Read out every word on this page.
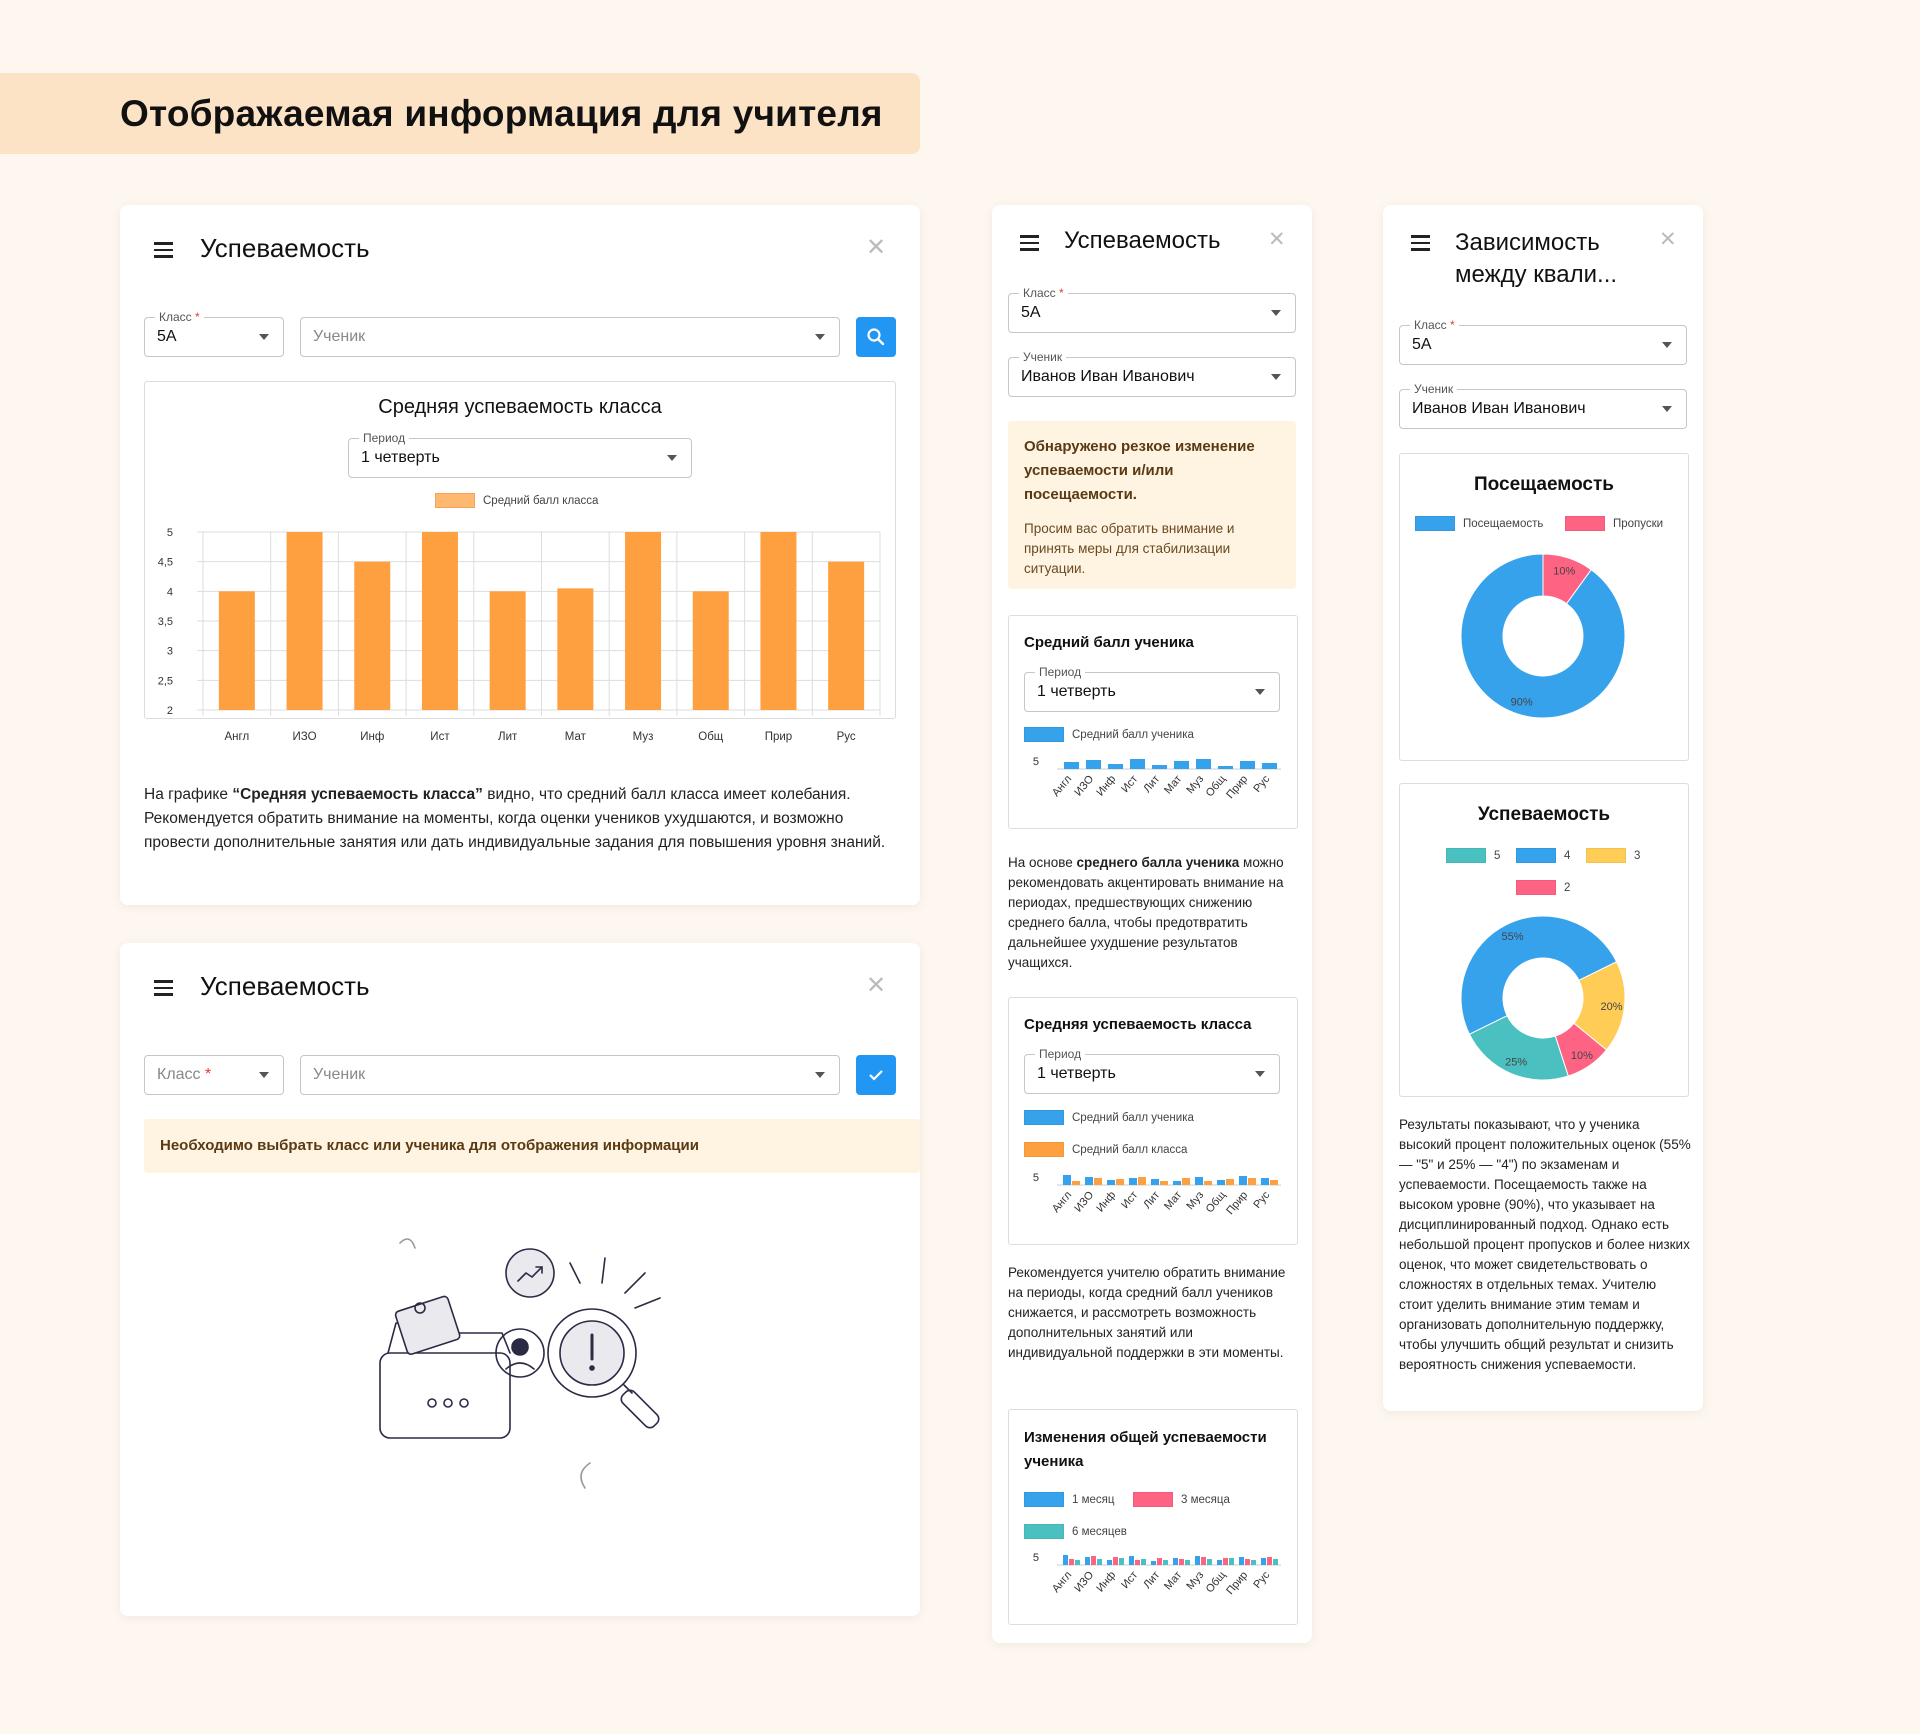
Отображаемая информация для учителя
Успеваемость	✕
Класс *
5А	Ученик
Средняя успеваемость класса
Период
1 четверть
Средний балл класса
2
2,5
3
3,5
4
4,5
5
Англ	ИЗО	Инф	Ист	Лит	Мат	Муз	Общ	Прир	Рус
На графике “Средняя успеваемость класса” видно, что средний балл класса имеет колебания. Рекомендуется обратить внимание на моменты, когда оценки учеников ухудшаются, и возможно провести дополнительные занятия или дать индивидуальные задания для повышения уровня знаний.
Успеваемость	✕
Класс *	Ученик
Необходимо выбрать класс или ученика для отображения информации
Успеваемость ✕
Класс *
5А
Ученик
Иванов Иван Иванович
Обнаружено резкое изменение успеваемости и/или посещаемости.
Просим вас обратить внимание и принять меры для стабилизации ситуации.
Средний балл ученика
Период
1 четверть
Средний балл ученика
5
Англ
ИЗО
Инф Ист Лит Мат Муз
Общ
Прир Рус
На основе среднего балла ученика можно рекомендовать акцентировать внимание на периодах, предшествующих снижению среднего балла, чтобы предотвратить дальнейшее ухудшение результатов учащихся.
Средняя успеваемость класса
Период
1 четверть
Средний балл ученика
Средний балл класса
5
Англ
ИЗО
Инф Ист Лит Мат Муз
Общ
Прир Рус
Рекомендуется учителю обратить внимание на периоды, когда средний балл учеников снижается, и рассмотреть возможность дополнительных занятий или индивидуальной поддержки в эти моменты.
Изменения общей успеваемости ученика
1 месяц	3 месяца
6 месяцев
5
Англ
ИЗО
Инф Ист Лит Мат Муз
Общ
Прир Рус
Зависимость между квали...
✕
Класс *
5А
Ученик
Иванов Иван Иванович
Посещаемость
Посещаемость	Пропуски
90%
10%
Успеваемость
5	4	3
2
25%
55%
20%
10%
Результаты показывают, что у ученика высокий процент положительных оценок (55% — "5" и 25% — "4") по экзаменам и успеваемости. Посещаемость также на высоком уровне (90%), что указывает на дисциплинированный подход. Однако есть небольшой процент пропусков и более низких оценок, что может свидетельствовать о сложностях в отдельных темах. Учителю стоит уделить внимание этим темам и организовать дополнительную поддержку, чтобы улучшить общий результат и снизить вероятность снижения успеваемости.
